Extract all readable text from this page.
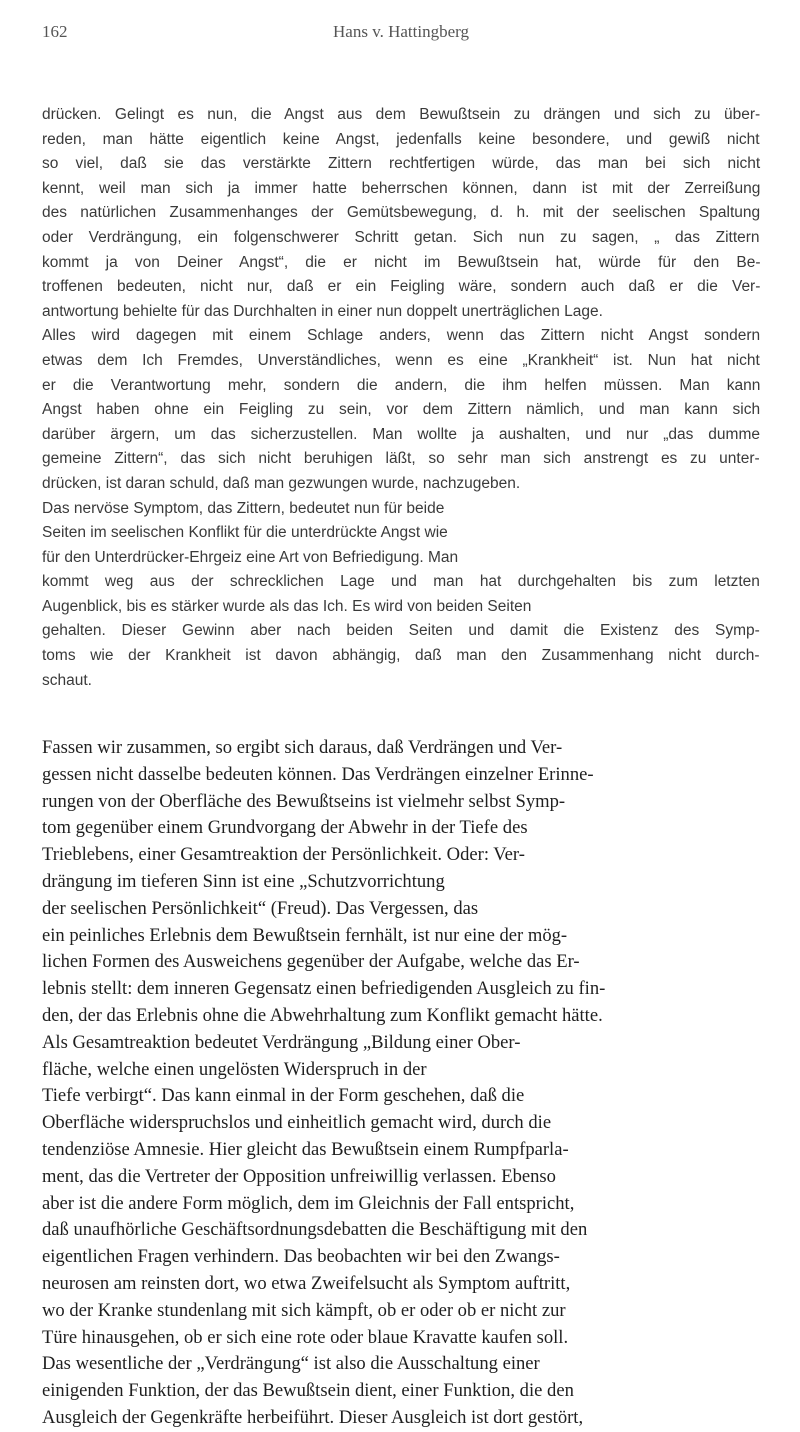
162	Hans v. Hattingberg
drücken. Gelingt es nun, die Angst aus dem Bewußtsein zu drängen und sich zu über-
reden, man hätte eigentlich keine Angst, jedenfalls keine besondere, und gewiß nicht
so viel, daß sie das verstärkte Zittern rechtfertigen würde, das man bei sich nicht
kennt, weil man sich ja immer hatte beherrschen können, dann ist mit der Zerreißung
des natürlichen Zusammenhanges der Gemütsbewegung, d. h. mit der seelischen Spaltung
oder Verdrängung, ein folgenschwerer Schritt getan. Sich nun zu sagen, „ das Zittern
kommt ja von Deiner Angst“, die er nicht im Bewußtsein hat, würde für den Be-
troffenen bedeuten, nicht nur, daß er ein Feigling wäre, sondern auch daß er die Ver-
antwortung behielte für das Durchhalten in einer nun doppelt unerträglichen Lage.
Alles wird dagegen mit einem Schlage anders, wenn das Zittern nicht Angst sondern
etwas dem Ich Fremdes, Unverständliches, wenn es eine „Krankheit“ ist. Nun hat nicht
er die Verantwortung mehr, sondern die andern, die ihm helfen müssen. Man kann
Angst haben ohne ein Feigling zu sein, vor dem Zittern nämlich, und man kann sich
darüber ärgern, um das sicherzustellen. Man wollte ja aushalten, und nur „das dumme
gemeine Zittern“, das sich nicht beruhigen läßt, so sehr man sich anstrengt es zu unter-
drücken, ist daran schuld, daß man gezwungen wurde, nachzugeben.
Das nervöse Symptom, das Zittern, bedeutet nun für beide
Seiten im seelischen Konflikt für die unterdrückte Angst wie
für den Unterdrücker-Ehrgeiz eine Art von Befriedigung. Man
kommt weg aus der schrecklichen Lage und man hat durchgehalten bis zum letzten
Augenblick, bis es stärker wurde als das Ich. Es wird von beiden Seiten
gehalten. Dieser Gewinn aber nach beiden Seiten und damit die Existenz des Symp-
toms wie der Krankheit ist davon abhängig, daß man den Zusammenhang nicht durch-
schaut.
Fassen wir zusammen, so ergibt sich daraus, daß Verdrängen und Ver-
gessen nicht dasselbe bedeuten können. Das Verdrängen einzelner Erinne-
rungen von der Oberfläche des Bewußtseins ist vielmehr selbst Symp-
tom gegenüber einem Grundvorgang der Abwehr in der Tiefe des
Trieblebens, einer Gesamtreaktion der Persönlichkeit. Oder: Ver-
drängung im tieferen Sinn ist eine „Schutzvorrichtung
der seelischen Persönlichkeit“ (Freud). Das Vergessen, das
ein peinliches Erlebnis dem Bewußtsein fernhält, ist nur eine der mög-
lichen Formen des Ausweichens gegenüber der Aufgabe, welche das Er-
lebnis stellt: dem inneren Gegensatz einen befriedigenden Ausgleich zu fin-
den, der das Erlebnis ohne die Abwehrhaltung zum Konflikt gemacht hätte.
Als Gesamtreaktion bedeutet Verdrängung „Bildung einer Ober-
fläche, welche einen ungelösten Widerspruch in der
Tiefe verbirgt“. Das kann einmal in der Form geschehen, daß die
Oberfläche widerspruchslos und einheitlich gemacht wird, durch die
tendenziöse Amnesie. Hier gleicht das Bewußtsein einem Rumpfparla-
ment, das die Vertreter der Opposition unfreiwillig verlassen. Ebenso
aber ist die andere Form möglich, dem im Gleichnis der Fall entspricht,
daß unaufhörliche Geschäftsordnungsdebatten die Beschäftigung mit den
eigentlichen Fragen verhindern. Das beobachten wir bei den Zwangs-
neurosen am reinsten dort, wo etwa Zweifelsucht als Symptom auftritt,
wo der Kranke stundenlang mit sich kämpft, ob er oder ob er nicht zur
Türe hinausgehen, ob er sich eine rote oder blaue Kravatte kaufen soll.
Das wesentliche der „Verdrängung“ ist also die Ausschaltung einer
einigenden Funktion, der das Bewußtsein dient, einer Funktion, die den
Ausgleich der Gegenkräfte herbeiführt. Dieser Ausgleich ist dort gestört,
